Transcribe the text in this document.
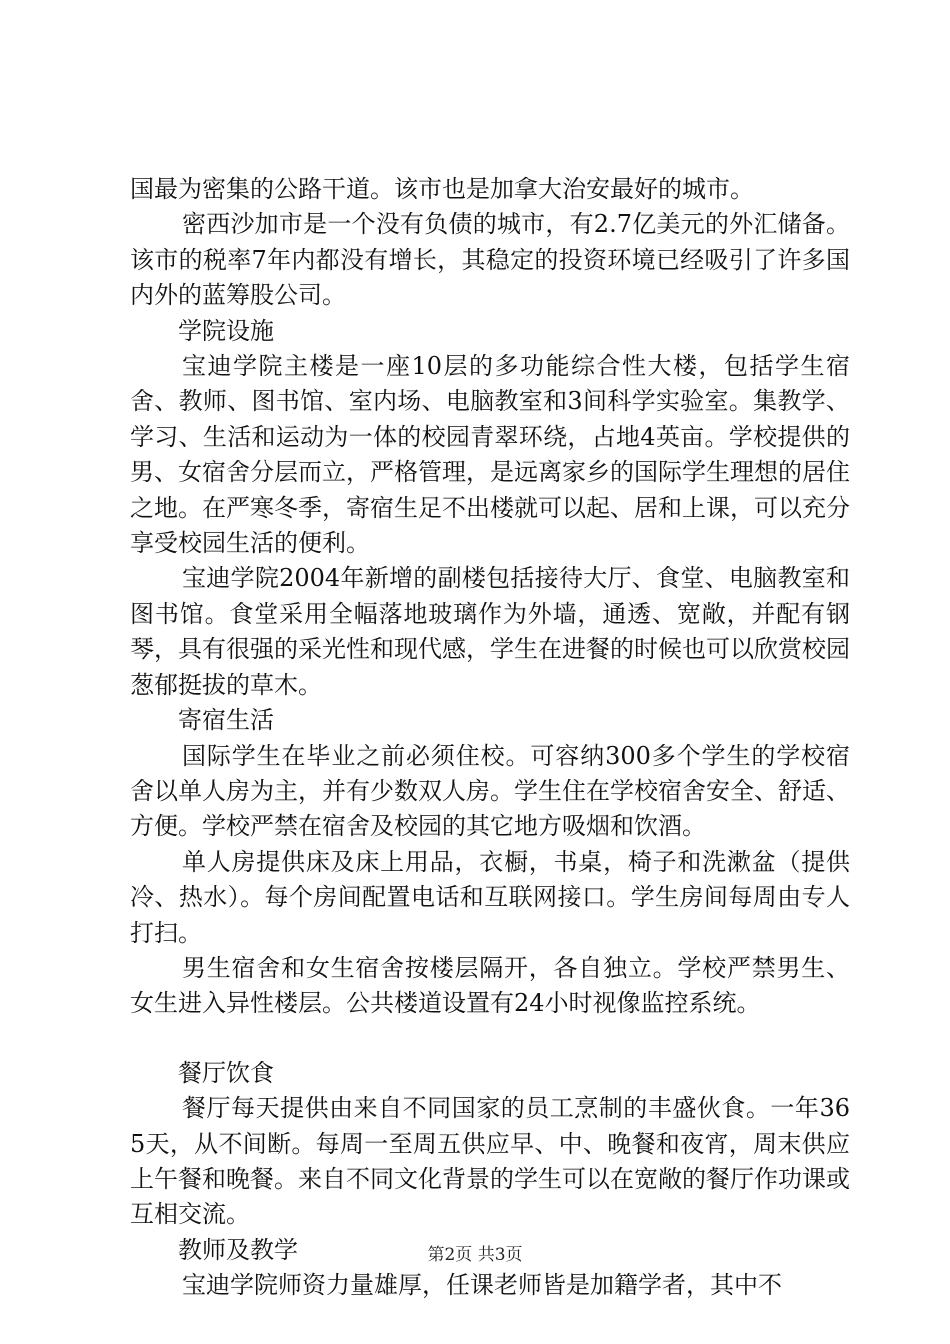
国最为密集的公路干道。该市也是加拿大治安最好的城市。

密西沙加市是一个没有负债的城市，有2.7亿美元的外汇储备。该市的税率7年内都没有增长，其稳定的投资环境已经吸引了许多国内外的蓝筹股公司。

学院设施

宝迪学院主楼是一座10层的多功能综合性大楼，包括学生宿舍、教师、图书馆、室内场、电脑教室和3间科学实验室。集教学、学习、生活和运动为一体的校园青翠环绕，占地4英亩。学校提供的男、女宿舍分层而立，严格管理，是远离家乡的国际学生理想的居住之地。在严寒冬季，寄宿生足不出楼就可以起、居和上课，可以充分享受校园生活的便利。

宝迪学院2004年新增的副楼包括接待大厅、食堂、电脑教室和图书馆。食堂采用全幅落地玻璃作为外墙，通透、宽敞，并配有钢琴，具有很强的采光性和现代感，学生在进餐的时候也可以欣赏校园葱郁挺拔的草木。

寄宿生活

国际学生在毕业之前必须住校。可容纳300多个学生的学校宿舍以单人房为主，并有少数双人房。学生住在学校宿舍安全、舒适、方便。学校严禁在宿舍及校园的其它地方吸烟和饮酒。

单人房提供床及床上用品，衣橱，书桌，椅子和洗漱盆（提供冷、热水）。每个房间配置电话和互联网接口。学生房间每周由专人打扫。

男生宿舍和女生宿舍按楼层隔开，各自独立。学校严禁男生、女生进入异性楼层。公共楼道设置有24小时视像监控系统。

餐厅饮食

餐厅每天提供由来自不同国家的员工烹制的丰盛伙食。一年365天，从不间断。每周一至周五供应早、中、晚餐和夜宵，周末供应上午餐和晚餐。来自不同文化背景的学生可以在宽敞的餐厅作功课或互相交流。

教师及教学

宝迪学院师资力量雄厚，任课老师皆是加籍学者，其中不

第2页 共3页
